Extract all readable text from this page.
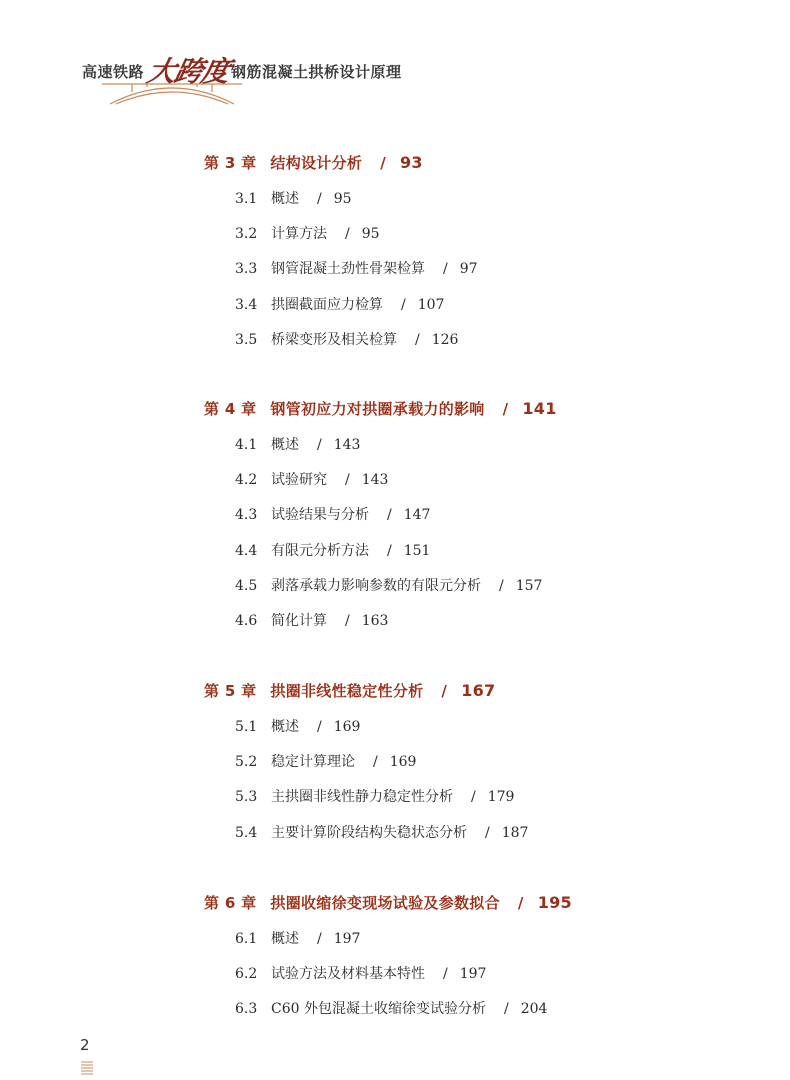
高速铁路大跨度钢筋混凝土拱桥设计原理
第 3 章 结构设计分析 / 93
3.1 概述 / 95
3.2 计算方法 / 95
3.3 钢管混凝土劲性骨架检算 / 97
3.4 拱圈截面应力检算 / 107
3.5 桥梁变形及相关检算 / 126
第 4 章 钢管初应力对拱圈承载力的影响 / 141
4.1 概述 / 143
4.2 试验研究 / 143
4.3 试验结果与分析 / 147
4.4 有限元分析方法 / 151
4.5 剥落承载力影响参数的有限元分析 / 157
4.6 简化计算 / 163
第 5 章 拱圈非线性稳定性分析 / 167
5.1 概述 / 169
5.2 稳定计算理论 / 169
5.3 主拱圈非线性静力稳定性分析 / 179
5.4 主要计算阶段结构失稳状态分析 / 187
第 6 章 拱圈收缩徐变现场试验及参数拟合 / 195
6.1 概述 / 197
6.2 试验方法及材料基本特性 / 197
6.3 C60 外包混凝土收缩徐变试验分析 / 204
2
